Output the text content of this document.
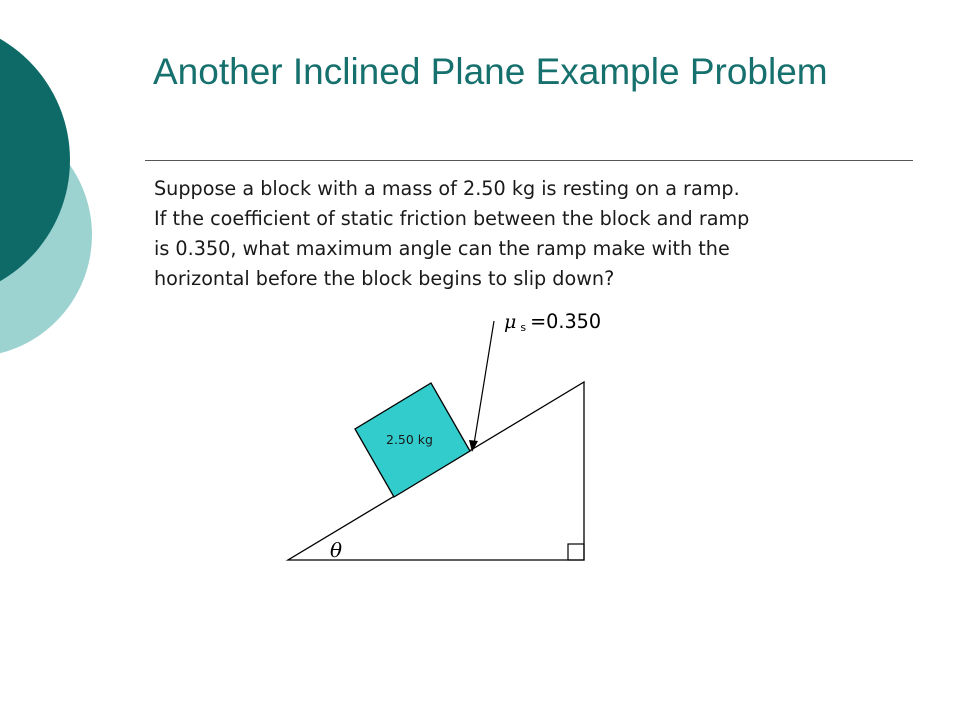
Another Inclined Plane Example Problem
Suppose a block with a mass of 2.50 kg is resting on a ramp.
If the coefficient of static friction between the block and ramp
is 0.350, what maximum angle can the ramp make with the
horizontal before the block begins to slip down?
2.50 kg
θ
μ s =0.350
